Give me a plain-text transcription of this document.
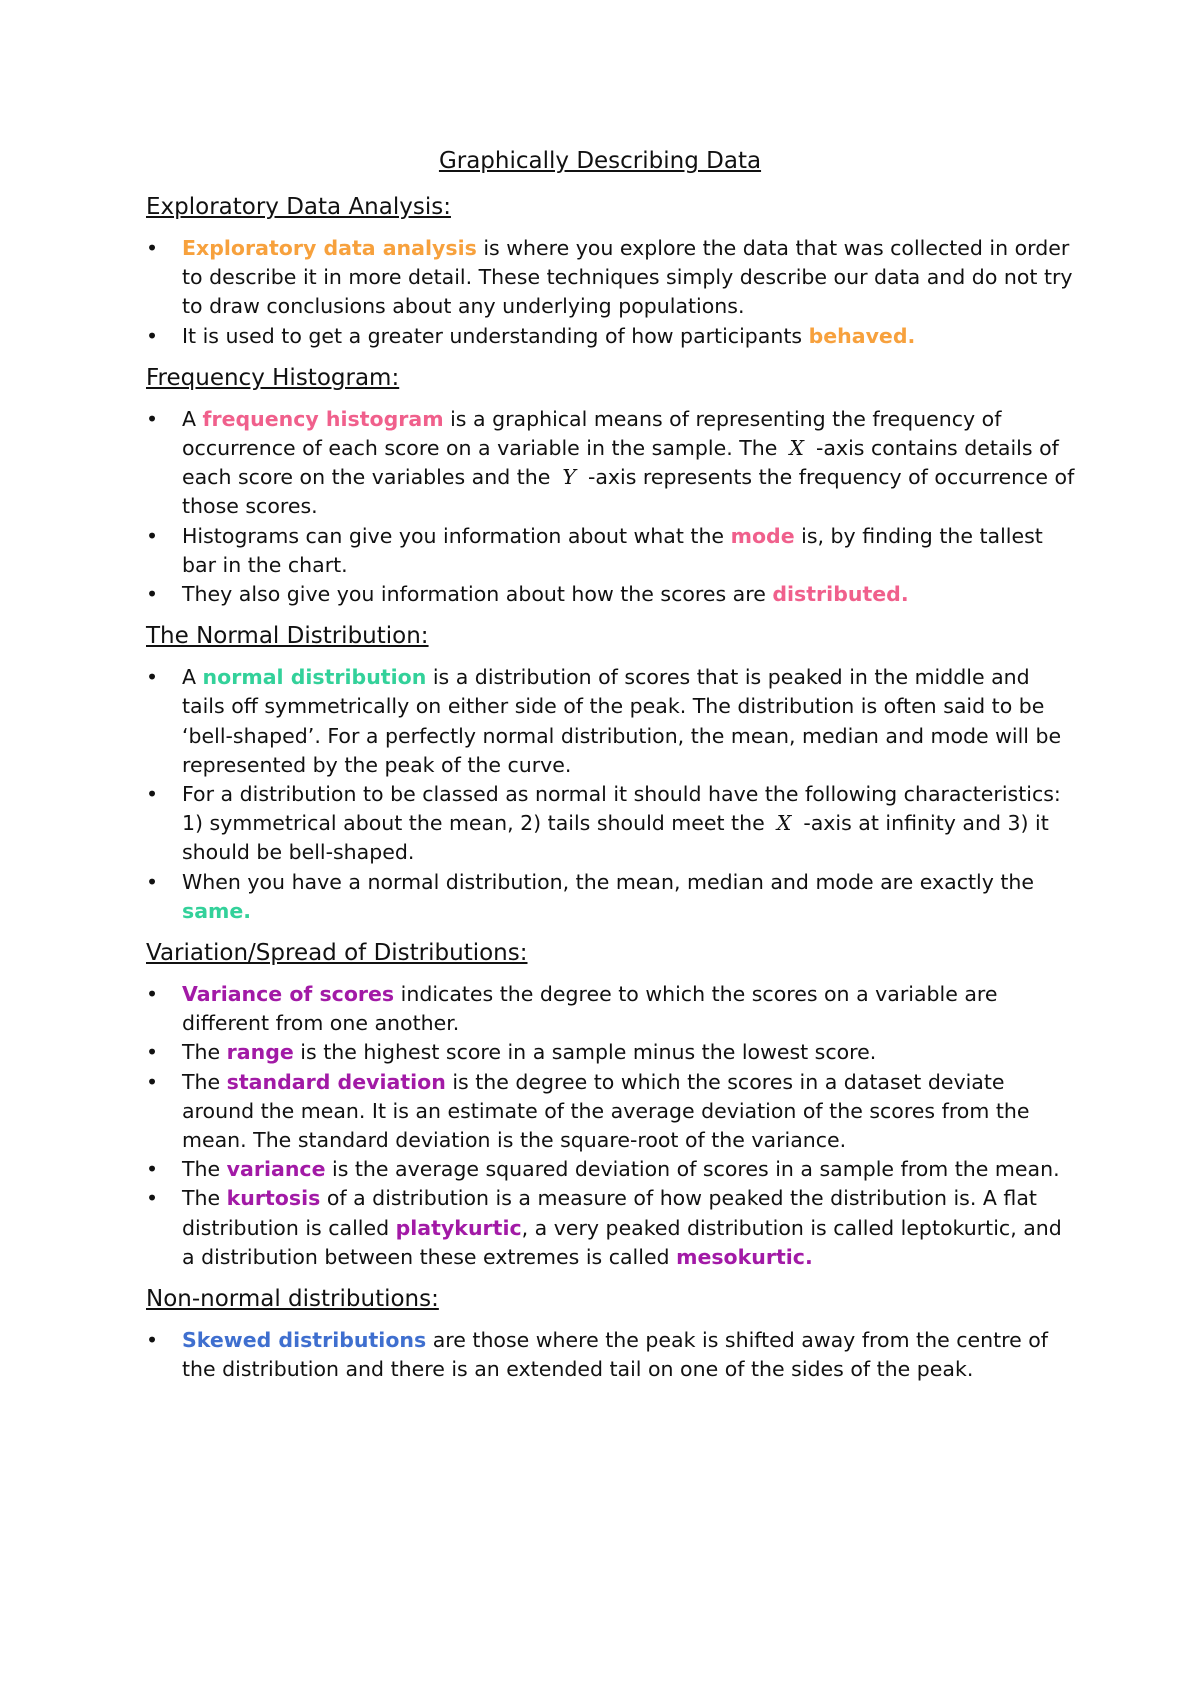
Graphically Describing Data
Exploratory Data Analysis:
• Exploratory data analysis is where you explore the data that was collected in order to describe it in more detail. These techniques simply describe our data and do not try to draw conclusions about any underlying populations.
• It is used to get a greater understanding of how participants behaved.
Frequency Histogram:
• A frequency histogram is a graphical means of representing the frequency of occurrence of each score on a variable in the sample. The X -axis contains details of each score on the variables and the Y -axis represents the frequency of occurrence of those scores.
• Histograms can give you information about what the mode is, by finding the tallest bar in the chart.
• They also give you information about how the scores are distributed.
The Normal Distribution:
• A normal distribution is a distribution of scores that is peaked in the middle and tails off symmetrically on either side of the peak. The distribution is often said to be ‘bell-shaped’. For a perfectly normal distribution, the mean, median and mode will be represented by the peak of the curve.
• For a distribution to be classed as normal it should have the following characteristics: 1) symmetrical about the mean, 2) tails should meet the X -axis at infinity and 3) it should be bell-shaped.
• When you have a normal distribution, the mean, median and mode are exactly the same.
Variation/Spread of Distributions:
• Variance of scores indicates the degree to which the scores on a variable are different from one another.
• The range is the highest score in a sample minus the lowest score.
• The standard deviation is the degree to which the scores in a dataset deviate around the mean. It is an estimate of the average deviation of the scores from the mean. The standard deviation is the square-root of the variance.
• The variance is the average squared deviation of scores in a sample from the mean.
• The kurtosis of a distribution is a measure of how peaked the distribution is. A flat distribution is called platykurtic, a very peaked distribution is called leptokurtic, and a distribution between these extremes is called mesokurtic.
Non-normal distributions:
• Skewed distributions are those where the peak is shifted away from the centre of the distribution and there is an extended tail on one of the sides of the peak.
